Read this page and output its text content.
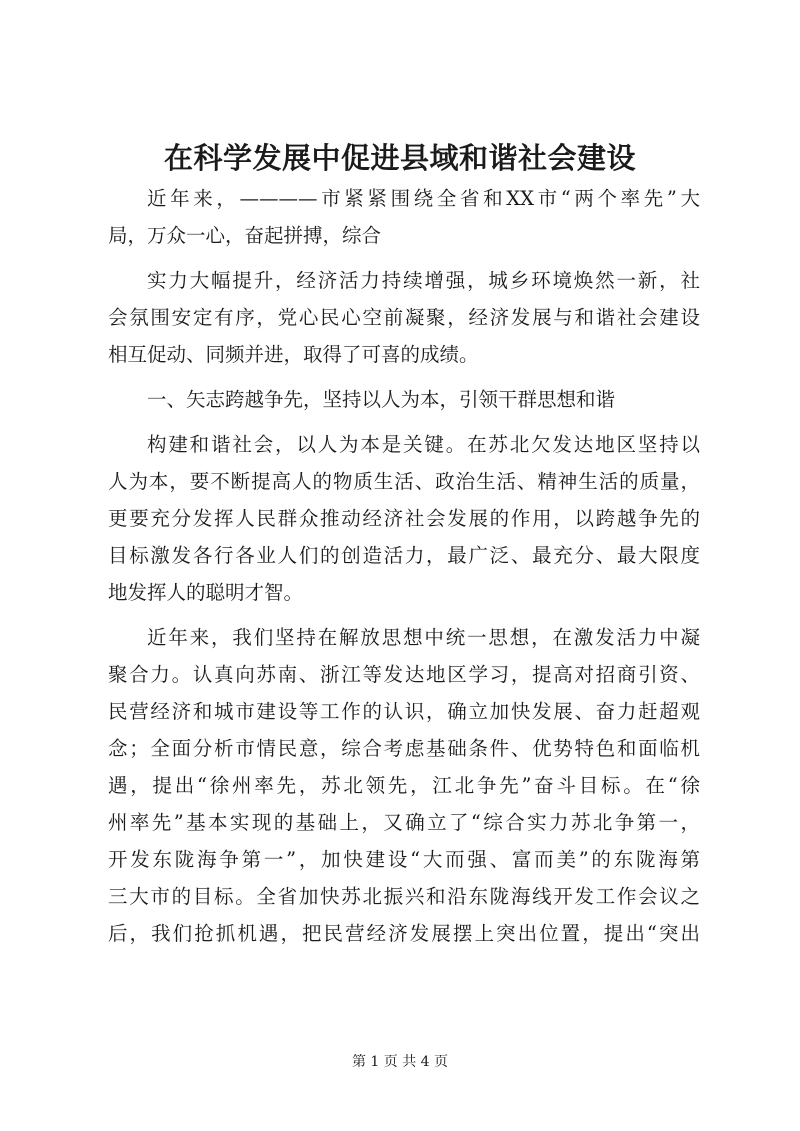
在科学发展中促进县域和谐社会建设

近年来，————市紧紧围绕全省和XX市“两个率先”大
局，万众一心，奋起拼搏，综合

实力大幅提升，经济活力持续增强，城乡环境焕然一新，社
会氛围安定有序，党心民心空前凝聚，经济发展与和谐社会建设
相互促动、同频并进，取得了可喜的成绩。

一、矢志跨越争先，坚持以人为本，引领干群思想和谐

构建和谐社会，以人为本是关键。在苏北欠发达地区坚持以
人为本，要不断提高人的物质生活、政治生活、精神生活的质量，
更要充分发挥人民群众推动经济社会发展的作用，以跨越争先的
目标激发各行各业人们的创造活力，最广泛、最充分、最大限度
地发挥人的聪明才智。

近年来，我们坚持在解放思想中统一思想，在激发活力中凝
聚合力。认真向苏南、浙江等发达地区学习，提高对招商引资、
民营经济和城市建设等工作的认识，确立加快发展、奋力赶超观
念；全面分析市情民意，综合考虑基础条件、优势特色和面临机
遇，提出“徐州率先，苏北领先，江北争先”奋斗目标。在“徐
州率先”基本实现的基础上，又确立了“综合实力苏北争第一，
开发东陇海争第一”，加快建设“大而强、富而美”的东陇海第
三大市的目标。全省加快苏北振兴和沿东陇海线开发工作会议之
后，我们抢抓机遇，把民营经济发展摆上突出位置，提出“突出

第 1 页 共 4 页
